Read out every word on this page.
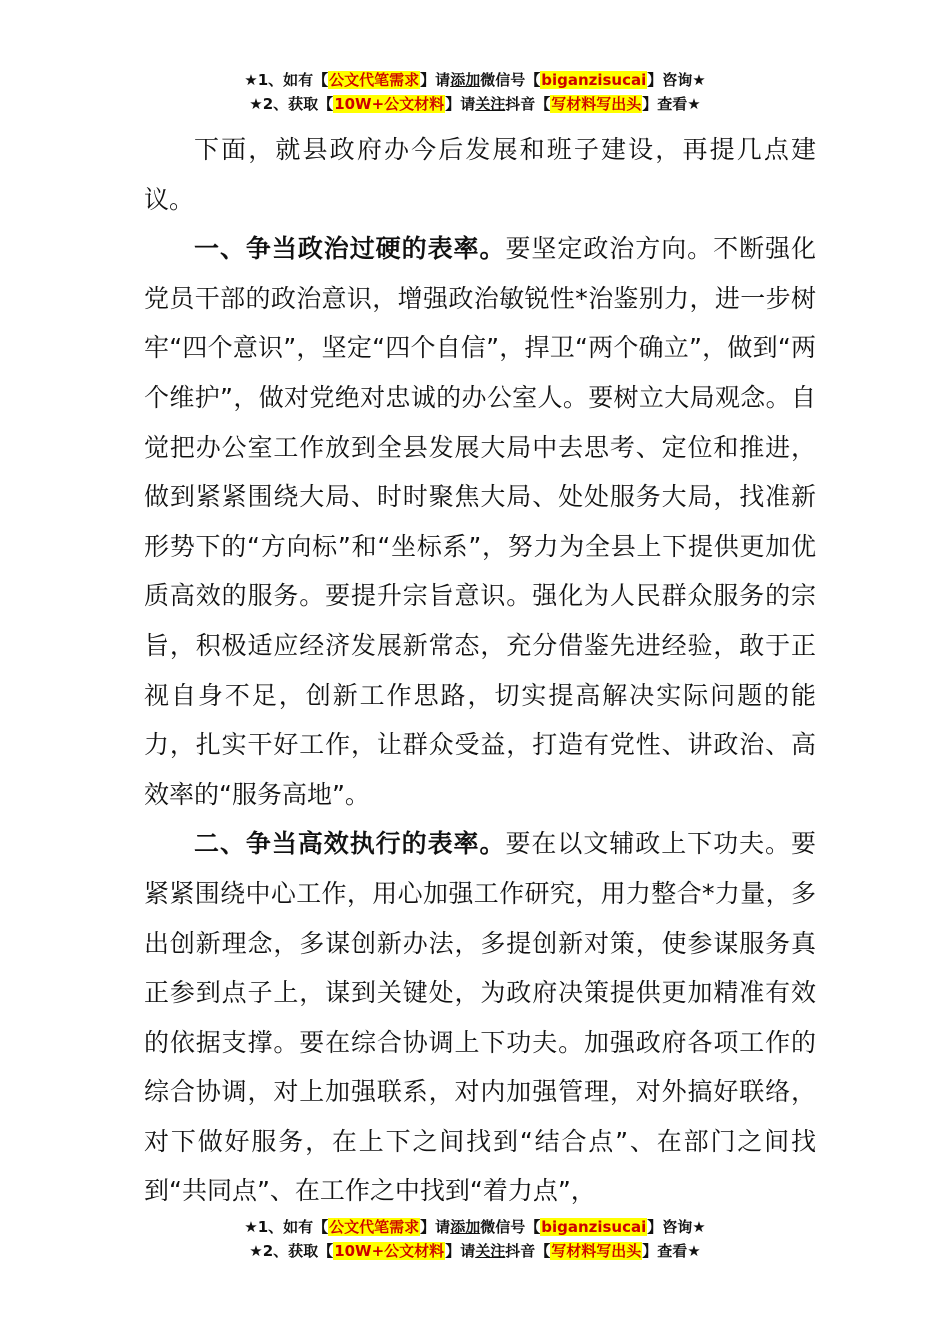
★1、如有【公文代笔需求】请添加微信号【biganzisucai】咨询★
★2、获取【10W+公文材料】请关注抖音【写材料写出头】查看★

下面，就县政府办今后发展和班子建设，再提几点建议。

一、争当政治过硬的表率。要坚定政治方向。不断强化党员干部的政治意识，增强政治敏锐性*治鉴别力，进一步树牢“四个意识”，坚定“四个自信”，捍卫“两个确立”，做到“两个维护”，做对党绝对忠诚的办公室人。要树立大局观念。自觉把办公室工作放到全县发展大局中去思考、定位和推进，做到紧紧围绕大局、时时聚焦大局、处处服务大局，找准新形势下的“方向标”和“坐标系”，努力为全县上下提供更加优质高效的服务。要提升宗旨意识。强化为人民群众服务的宗旨，积极适应经济发展新常态，充分借鉴先进经验，敢于正视自身不足，创新工作思路，切实提高解决实际问题的能力，扎实干好工作，让群众受益，打造有党性、讲政治、高效率的“服务高地”。

二、争当高效执行的表率。要在以文辅政上下功夫。要紧紧围绕中心工作，用心加强工作研究，用力整合*力量，多出创新理念，多谋创新办法，多提创新对策，使参谋服务真正参到点子上，谋到关键处，为政府决策提供更加精准有效的依据支撑。要在综合协调上下功夫。加强政府各项工作的综合协调，对上加强联系，对内加强管理，对外搞好联络，对下做好服务，在上下之间找到“结合点”、在部门之间找到“共同点”、在工作之中找到“着力点”，

★1、如有【公文代笔需求】请添加微信号【biganzisucai】咨询★
★2、获取【10W+公文材料】请关注抖音【写材料写出头】查看★
